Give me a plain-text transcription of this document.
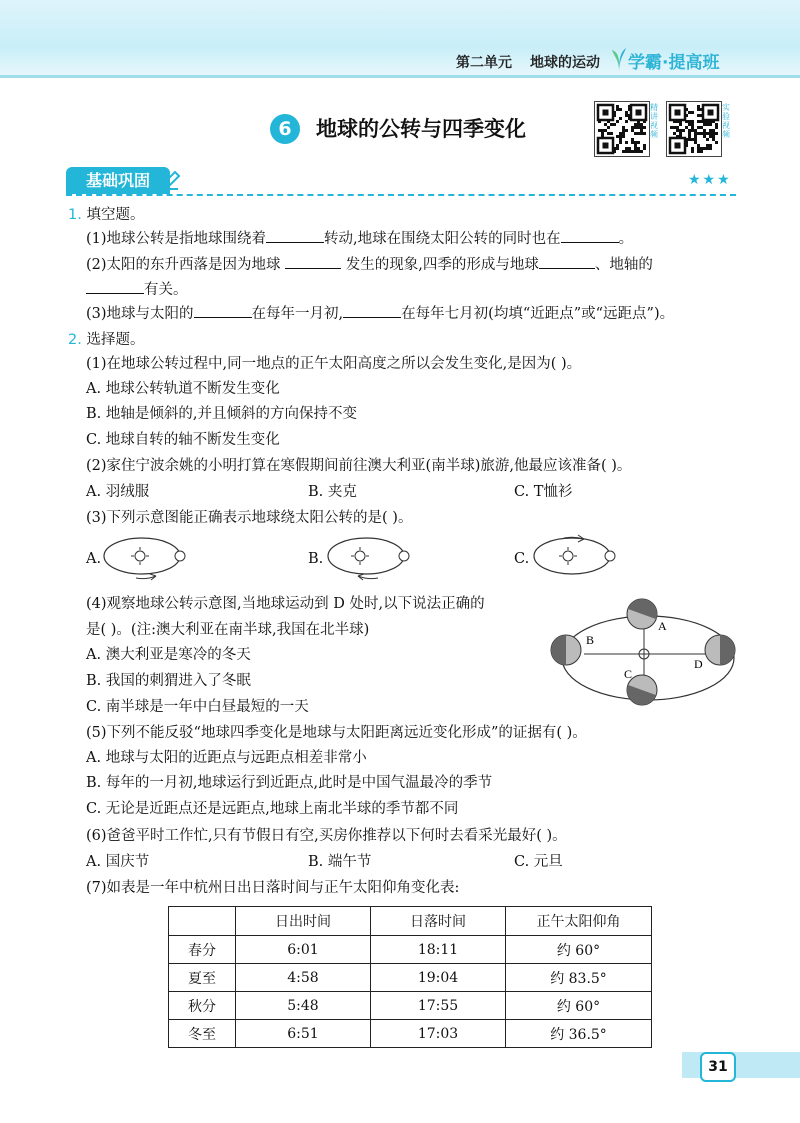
第二单元 地球的运动 学霸·提高班
6	地球的公转与四季变化
精讲视频
实验视频
基础巩固	★★★
1. 填空题。
(1)地球公转是指地球围绕着	转动,地球在围绕太阳公转的同时也在	。
(2)太阳的东升西落是因为地球	发生的现象,四季的形成与地球	、地轴的
有关。
(3)地球与太阳的	在每年一月初,	在每年七月初(均填“近距点”或“远距点”)。
2. 选择题。
(1)在地球公转过程中,同一地点的正午太阳高度之所以会发生变化,是因为( )。
A. 地球公转轨道不断发生变化
B. 地轴是倾斜的,并且倾斜的方向保持不变
C. 地球自转的轴不断发生变化
(2)家住宁波余姚的小明打算在寒假期间前往澳大利亚(南半球)旅游,他最应该准备( )。
A. 羽绒服	B. 夹克	C. T恤衫
(3)下列示意图能正确表示地球绕太阳公转的是( )。
A.	B.	C.
(4)观察地球公转示意图,当地球运动到 D 处时,以下说法正确的
是( )。(注:澳大利亚在南半球,我国在北半球)
A. 澳大利亚是寒冷的冬天
B. 我国的刺猬进入了冬眠
C. 南半球是一年中白昼最短的一天
A
B
C
D
(5)下列不能反驳“地球四季变化是地球与太阳距离远近变化形成”的证据有( )。
A. 地球与太阳的近距点与远距点相差非常小
B. 每年的一月初,地球运行到近距点,此时是中国气温最冷的季节
C. 无论是近距点还是远距点,地球上南北半球的季节都不同
(6)爸爸平时工作忙,只有节假日有空,买房你推荐以下何时去看采光最好( )。
A. 国庆节	B. 端午节	C. 元旦
(7)如表是一年中杭州日出日落时间与正午太阳仰角变化表:
	日出时间	日落时间	正午太阳仰角
春分	6:01	18:11	约 60°
夏至	4:58	19:04	约 83.5°
秋分	5:48	17:55	约 60°
冬至	6:51	17:03	约 36.5°
31
